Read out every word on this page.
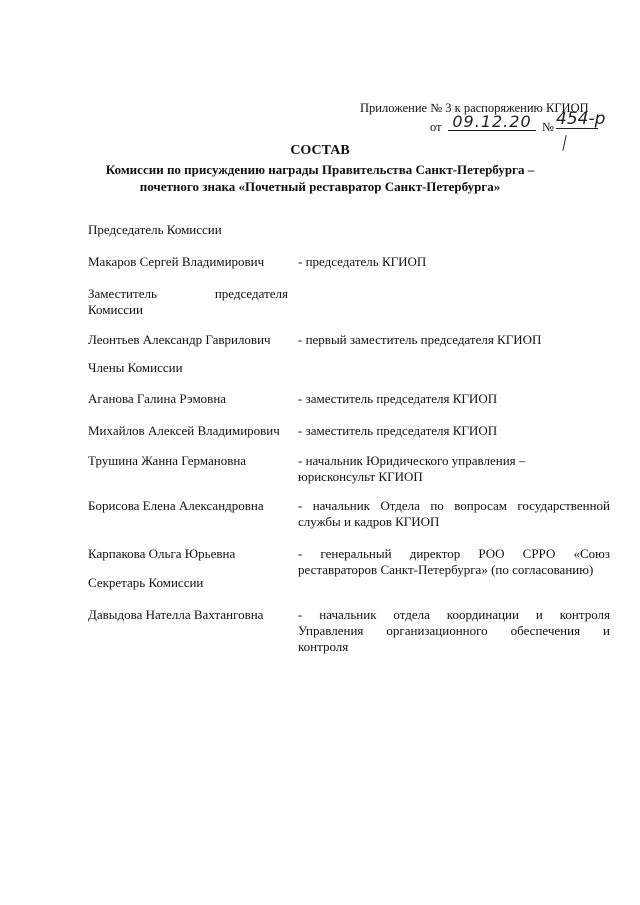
Приложение № 3 к распоряжению КГИОП
от 09.12.20 № 454-р
СОСТАВ
Комиссии по присуждению награды Правительства Санкт-Петербурга –
почетного знака «Почетный реставратор Санкт-Петербурга»
Председатель Комиссии
Макаров Сергей Владимирович	- председатель КГИОП
Заместитель	председателя
Комиссии
Леонтьев Александр Гаврилович - первый заместитель председателя КГИОП
Члены Комиссии
Аганова Галина Рэмовна	- заместитель председателя КГИОП
Михайлов Алексей Владимирович - заместитель председателя КГИОП
Трушина Жанна Германовна	- начальник Юридического управления – юрисконсульт КГИОП
Борисова Елена Александровна	- начальник Отдела по вопросам государственной службы и кадров КГИОП
Карпакова Ольга Юрьевна	- генеральный директор РОО СРРО «Союз реставраторов Санкт-Петербурга» (по согласованию)
Секретарь Комиссии
Давыдова Нателла Вахтанговна	- начальник отдела координации и контроля Управления организационного обеспечения и контроля
